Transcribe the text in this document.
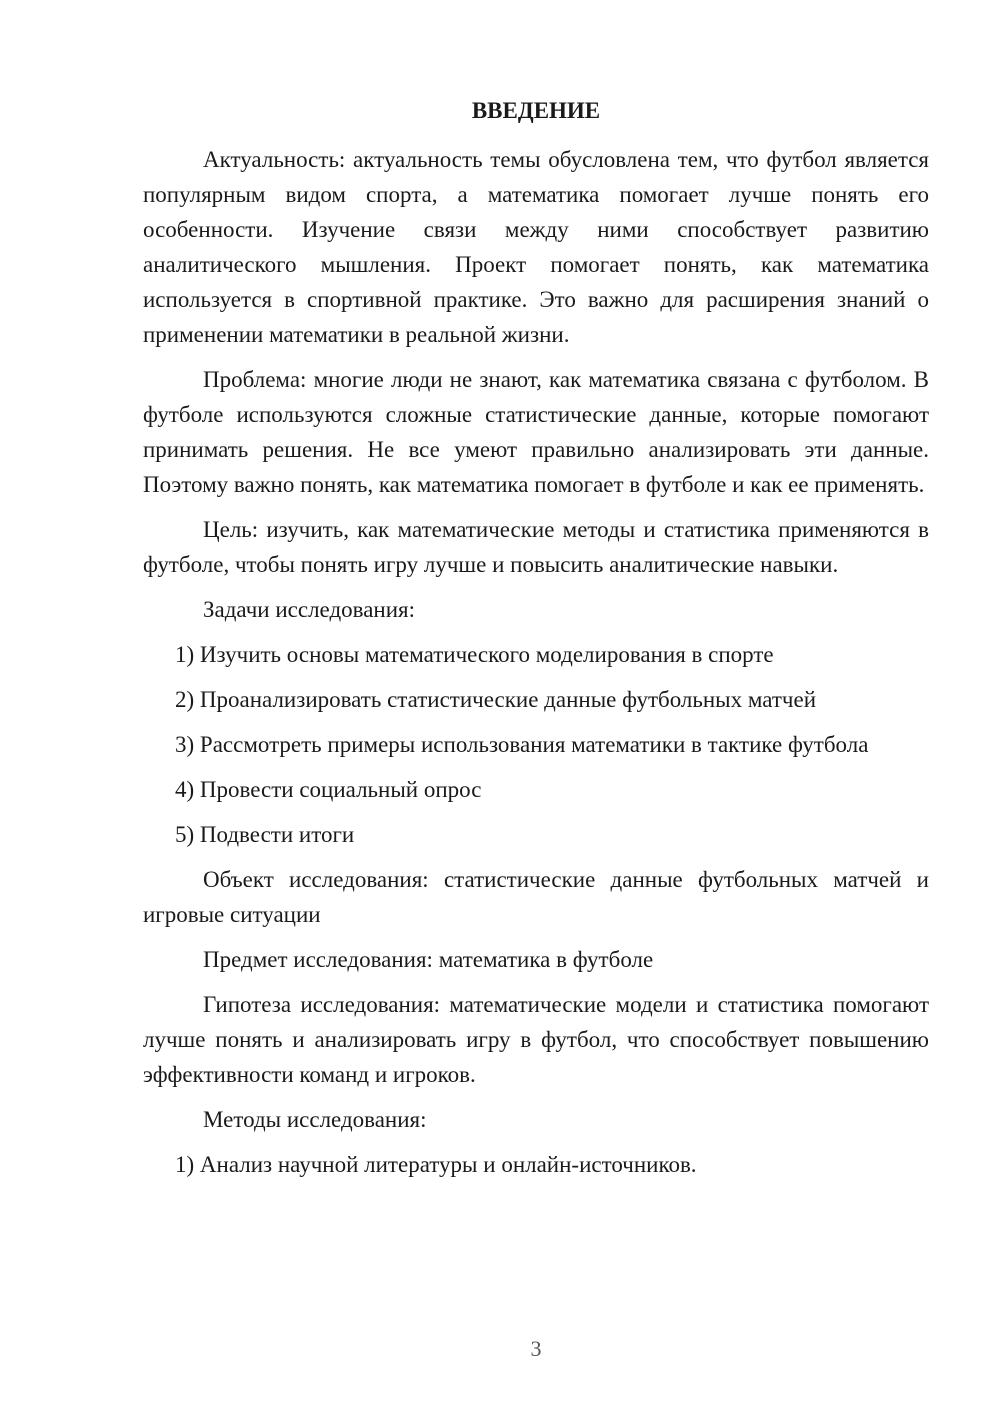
ВВЕДЕНИЕ

Актуальность: актуальность темы обусловлена тем, что футбол является популярным видом спорта, а математика помогает лучше понять его особенности. Изучение связи между ними способствует развитию аналитического мышления. Проект помогает понять, как математика используется в спортивной практике. Это важно для расширения знаний о применении математики в реальной жизни.

Проблема: многие люди не знают, как математика связана с футболом. В футболе используются сложные статистические данные, которые помогают принимать решения. Не все умеют правильно анализировать эти данные. Поэтому важно понять, как математика помогает в футболе и как ее применять.

Цель: изучить, как математические методы и статистика применяются в футболе, чтобы понять игру лучше и повысить аналитические навыки.

Задачи исследования:

1) Изучить основы математического моделирования в спорте

2) Проанализировать статистические данные футбольных матчей

3) Рассмотреть примеры использования математики в тактике футбола

4) Провести социальный опрос

5) Подвести итоги

Объект исследования: статистические данные футбольных матчей и игровые ситуации

Предмет исследования: математика в футболе

Гипотеза исследования: математические модели и статистика помогают лучше понять и анализировать игру в футбол, что способствует повышению эффективности команд и игроков.

Методы исследования:

1) Анализ научной литературы и онлайн-источников.

3
